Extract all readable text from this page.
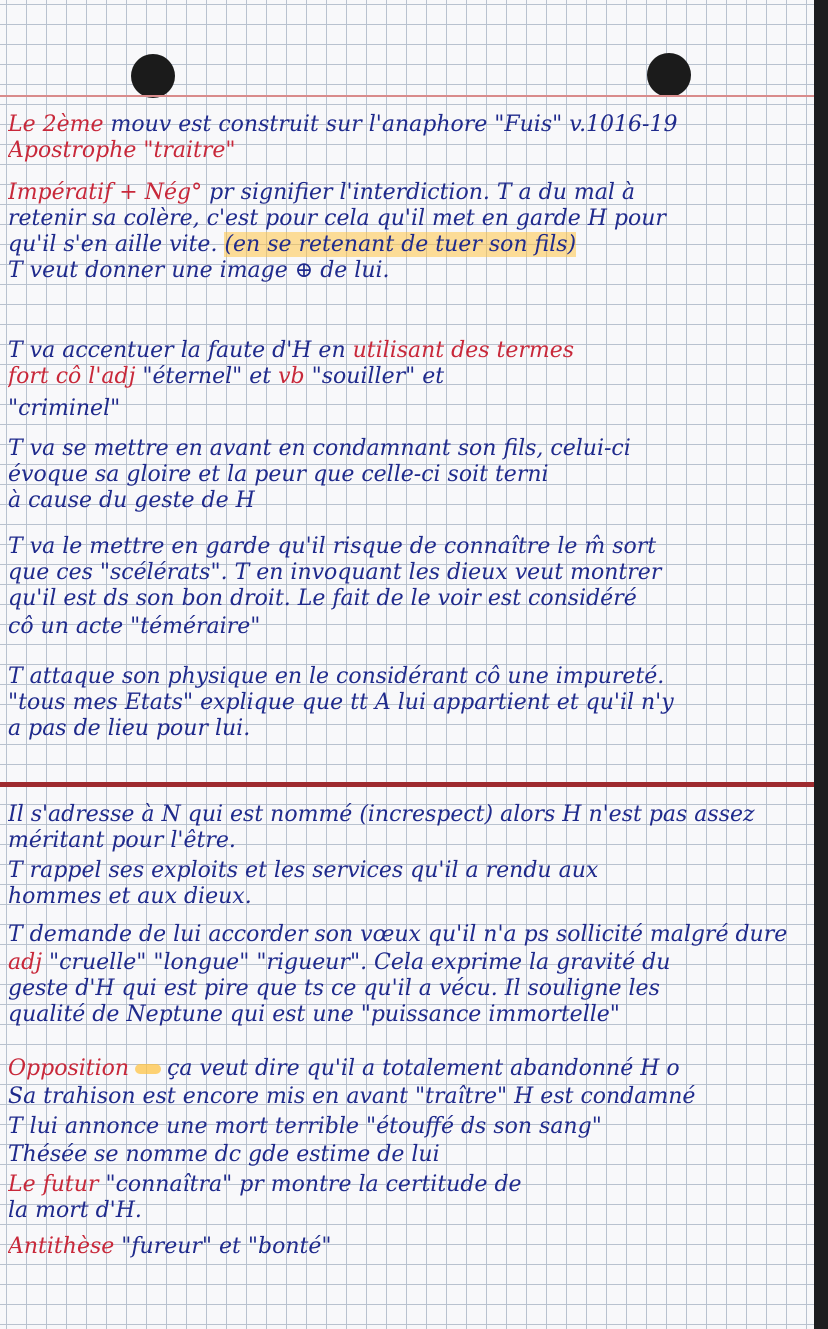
Le 2ème mouv est construit sur l'anaphore "Fuis" v.1016-19
Apostrophe "traitre"
Impératif + Nég° pr signifier l'interdiction. T a du mal à
retenir sa colère, c'est pour cela qu'il met en garde H pour
qu'il s'en aille vite. (en se retenant de tuer son fils)
T veut donner une image ⊕ de lui.
T va accentuer la faute d'H en utilisant des termes
fort cô l'adj "éternel" et vb "souiller" et
"criminel"
T va se mettre en avant en condamnant son fils, celui-ci
évoque sa gloire et la peur que celle-ci soit terni
à cause du geste de H
T va le mettre en garde qu'il risque de connaître le m̂ sort
que ces "scélérats". T en invoquant les dieux veut montrer
qu'il est ds son bon droit. Le fait de le voir est considéré
cô un acte "téméraire"
T attaque son physique en le considérant cô une impureté.
"tous mes Etats" explique que tt A lui appartient et qu'il n'y
a pas de lieu pour lui.
Il s'adresse à N qui est nommé (increspect) alors H n'est pas assez
méritant pour l'être.
T rappel ses exploits et les services qu'il a rendu aux
hommes et aux dieux.
T demande de lui accorder son vœux qu'il n'a ps sollicité malgré dure
adj "cruelle" "longue" "rigueur". Cela exprime la gravité du
geste d'H qui est pire que ts ce qu'il a vécu. Il souligne les
qualité de Neptune qui est une "puissance immortelle"
Opposition ça veut dire qu'il a totalement abandonné H o
Sa trahison est encore mis en avant "traître" H est condamné
T lui annonce une mort terrible "étouffé ds son sang"
Thésée se nomme dc gde estime de lui
Le futur "connaîtra" pr montre la certitude de
la mort d'H.
Antithèse "fureur" et "bonté"
